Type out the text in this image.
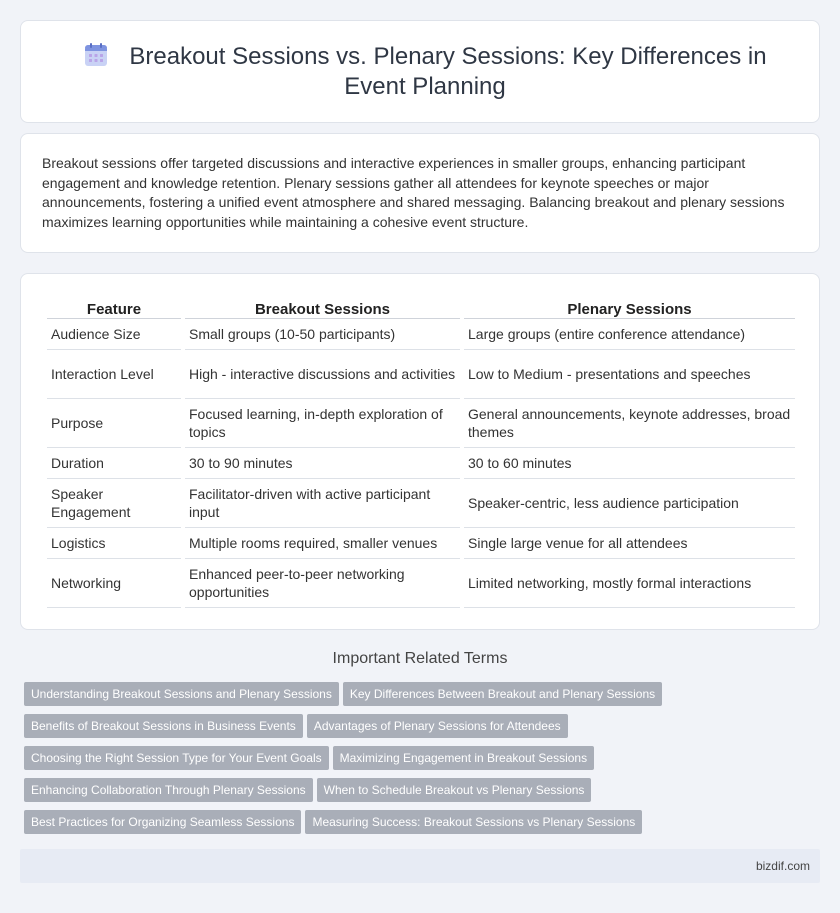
Breakout Sessions vs. Plenary Sessions: Key Differences in Event Planning

Breakout sessions offer targeted discussions and interactive experiences in smaller groups, enhancing participant engagement and knowledge retention. Plenary sessions gather all attendees for keynote speeches or major announcements, fostering a unified event atmosphere and shared messaging. Balancing breakout and plenary sessions maximizes learning opportunities while maintaining a cohesive event structure.

Feature	Breakout Sessions	Plenary Sessions
Audience Size	Small groups (10-50 participants)	Large groups (entire conference attendance)
Interaction Level	High - interactive discussions and activities	Low to Medium - presentations and speeches
Purpose	Focused learning, in-depth exploration of topics	General announcements, keynote addresses, broad themes
Duration	30 to 90 minutes	30 to 60 minutes
Speaker Engagement	Facilitator-driven with active participant input	Speaker-centric, less audience participation
Logistics	Multiple rooms required, smaller venues	Single large venue for all attendees
Networking	Enhanced peer-to-peer networking opportunities	Limited networking, mostly formal interactions
Important Related Terms
Understanding Breakout Sessions and Plenary Sessions Key Differences Between Breakout and Plenary Sessions
Benefits of Breakout Sessions in Business Events Advantages of Plenary Sessions for Attendees
Choosing the Right Session Type for Your Event Goals Maximizing Engagement in Breakout Sessions
Enhancing Collaboration Through Plenary Sessions When to Schedule Breakout vs Plenary Sessions
Best Practices for Organizing Seamless Sessions Measuring Success: Breakout Sessions vs Plenary Sessions
bizdif.com
